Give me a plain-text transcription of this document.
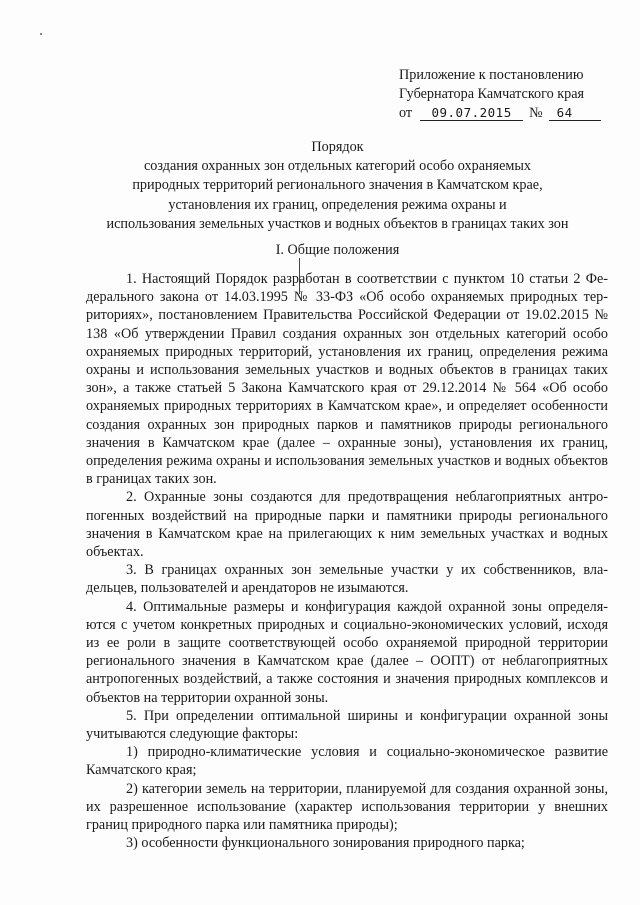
Приложение к постановлению
Губернатора Камчатского края
от 09.07.2015 № 64
Порядок
создания охранных зон отдельных категорий особо охраняемых
природных территорий регионального значения в Камчатском крае,
установления их границ, определения режима охраны и
использования земельных участков и водных объектов в границах таких зон
I. Общие положения

1. Настоящий Порядок разработан в соответствии с пунктом 10 статьи 2 Федерального закона от 14.03.1995 № 33-ФЗ «Об особо охраняемых природных территориях», постановлением Правительства Российской Федерации от 19.02.2015 № 138 «Об утверждении Правил создания охранных зон отдельных категорий особо охраняемых природных территорий, установления их границ, определения режима охраны и использования земельных участков и водных объектов в границах таких зон», а также статьей 5 Закона Камчатского края от 29.12.2014 № 564 «Об особо охраняемых природных территориях в Камчатском крае», и определяет особенности создания охранных зон природных парков и памятников природы регионального значения в Камчатском крае (далее – охранные зоны), установления их границ, определения режима охраны и использования земельных участков и водных объектов в границах таких зон.

2. Охранные зоны создаются для предотвращения неблагоприятных антропогенных воздействий на природные парки и памятники природы регионального значения в Камчатском крае на прилегающих к ним земельных участках и водных объектах.

3. В границах охранных зон земельные участки у их собственников, владельцев, пользователей и арендаторов не изымаются.

4. Оптимальные размеры и конфигурация каждой охранной зоны определяются с учетом конкретных природных и социально-экономических условий, исходя из ее роли в защите соответствующей особо охраняемой природной территории регионального значения в Камчатском крае (далее – ООПТ) от неблагоприятных антропогенных воздействий, а также состояния и значения природных комплексов и объектов на территории охранной зоны.

5. При определении оптимальной ширины и конфигурации охранной зоны учитываются следующие факторы:

1) природно-климатические условия и социально-экономическое развитие Камчатского края;

2) категории земель на территории, планируемой для создания охранной зоны, их разрешенное использование (характер использования территории у внешних границ природного парка или памятника природы);

3) особенности функционального зонирования природного парка;
